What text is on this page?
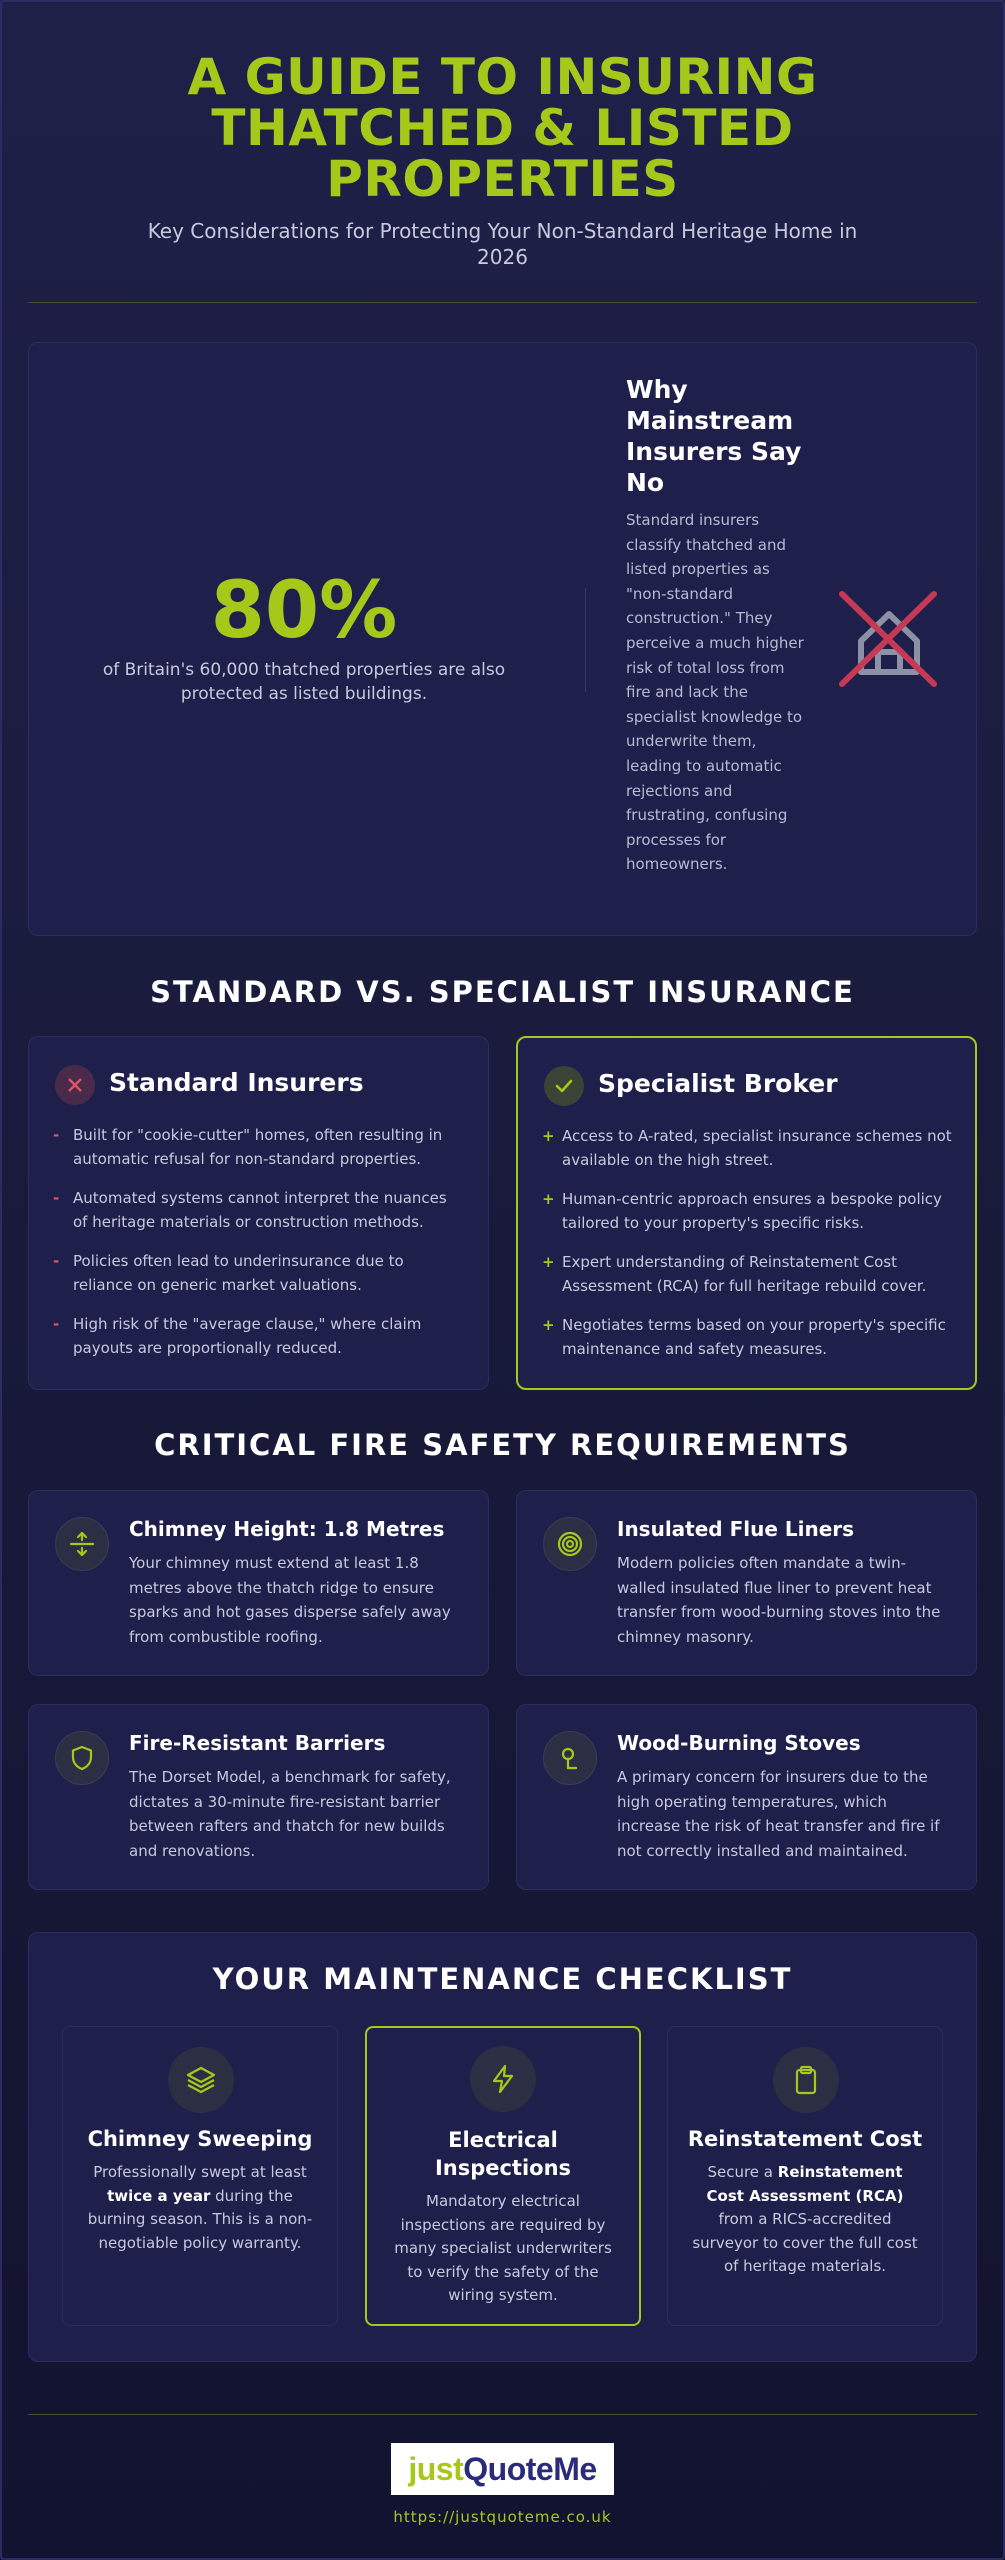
A GUIDE TO INSURING THATCHED & LISTED PROPERTIES

Key Considerations for Protecting Your Non-Standard Heritage Home in 2026

80%
of Britain's 60,000 thatched properties are also protected as listed buildings.
Why Mainstream Insurers Say No

Standard insurers classify thatched and listed properties as "non-standard construction." They perceive a much higher risk of total loss from fire and lack the specialist knowledge to underwrite them, leading to automatic rejections and frustrating, confusing processes for homeowners.

STANDARD VS. SPECIALIST INSURANCE
Standard Insurers
- Built for "cookie-cutter" homes, often resulting in automatic refusal for non-standard properties.
- Automated systems cannot interpret the nuances of heritage materials or construction methods.
- Policies often lead to underinsurance due to reliance on generic market valuations.
- High risk of the "average clause," where claim payouts are proportionally reduced.
Specialist Broker
+ Access to A-rated, specialist insurance schemes not available on the high street.
+ Human-centric approach ensures a bespoke policy tailored to your property's specific risks.
+ Expert understanding of Reinstatement Cost Assessment (RCA) for full heritage rebuild cover.
+ Negotiates terms based on your property's specific maintenance and safety measures.
CRITICAL FIRE SAFETY REQUIREMENTS
Chimney Height: 1.8 Metres

Your chimney must extend at least 1.8 metres above the thatch ridge to ensure sparks and hot gases disperse safely away from combustible roofing.

Insulated Flue Liners

Modern policies often mandate a twin-walled insulated flue liner to prevent heat transfer from wood-burning stoves into the chimney masonry.

Fire-Resistant Barriers

The Dorset Model, a benchmark for safety, dictates a 30-minute fire-resistant barrier between rafters and thatch for new builds and renovations.

Wood-Burning Stoves

A primary concern for insurers due to the high operating temperatures, which increase the risk of heat transfer and fire if not correctly installed and maintained.

YOUR MAINTENANCE CHECKLIST
Chimney Sweeping

Professionally swept at least twice a year during the burning season. This is a non-negotiable policy warranty.

Electrical Inspections

Mandatory electrical inspections are required by many specialist underwriters to verify the safety of the wiring system.

Reinstatement Cost

Secure a Reinstatement Cost Assessment (RCA) from a RICS-accredited surveyor to cover the full cost of heritage materials.

just QuoteMe
https://justquoteme.co.uk
